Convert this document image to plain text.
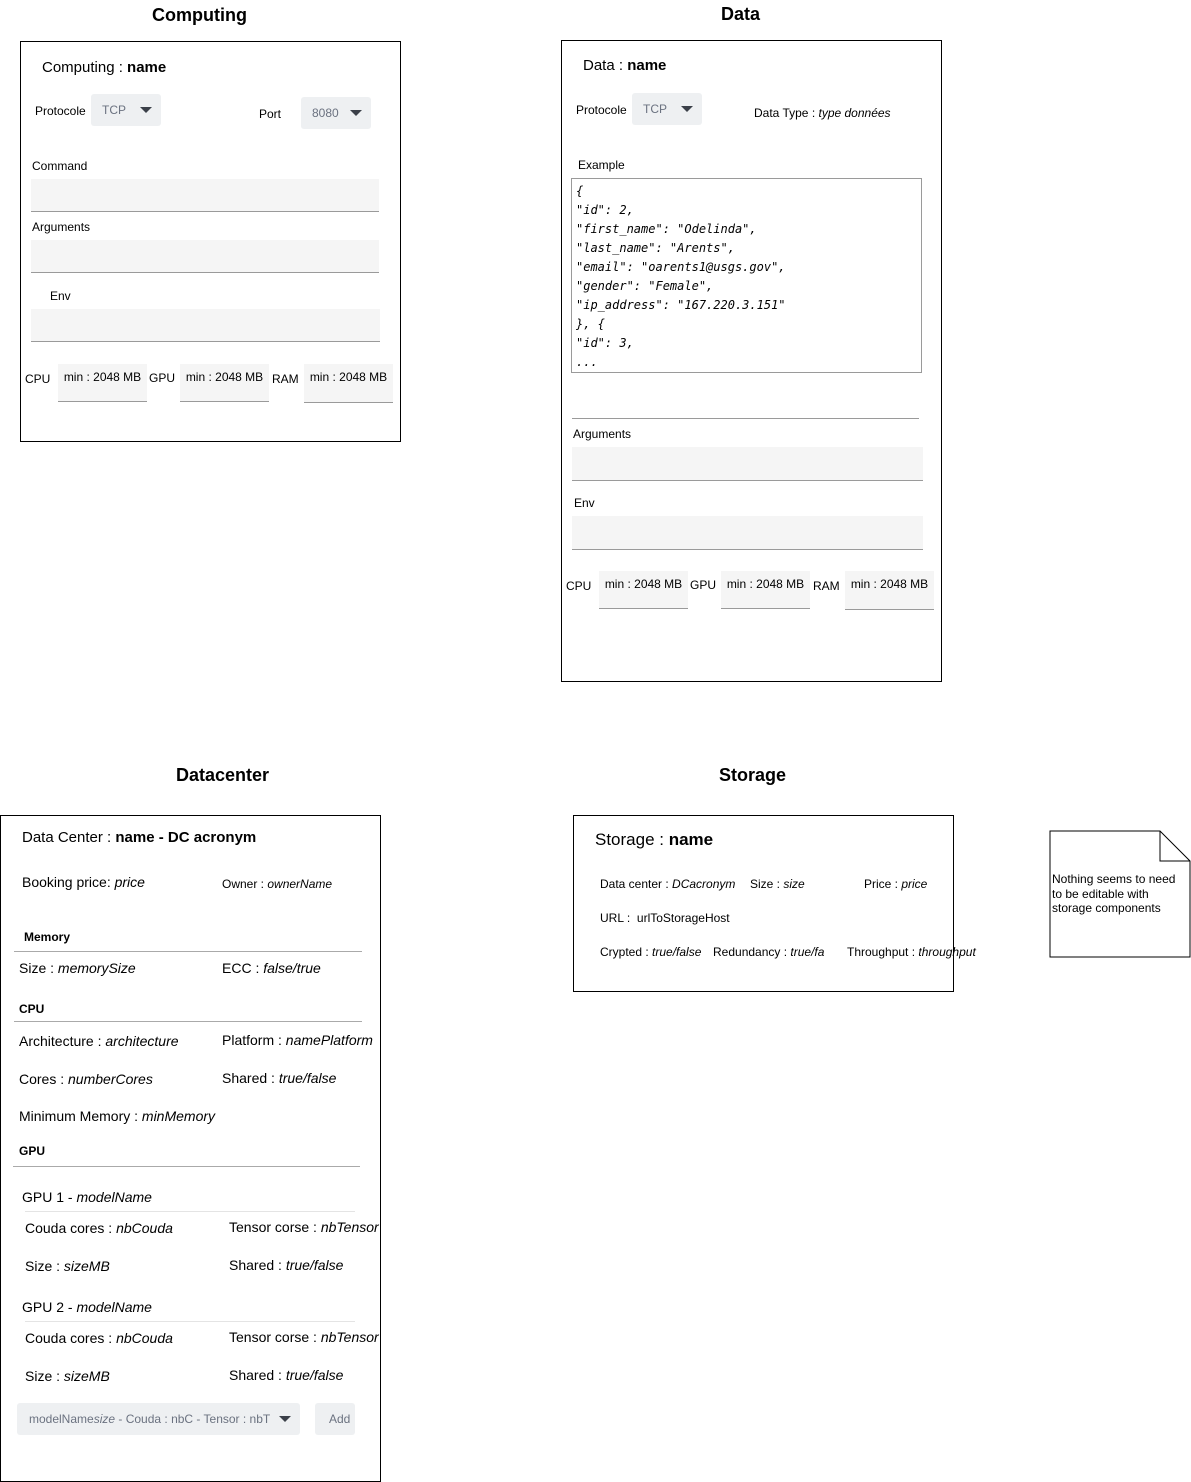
Computing
Computing : name
Protocole TCP	Port	8080
Command
Arguments
Env
CPU	min : 2048 MB GPU min : 2048 MB RAM min : 2048 MB
Data
Data : name
Protocole TCP	Data Type : type données
Example
{
"id": 2,
"first_name": "Odelinda",
"last_name": "Arents",
"email": "oarents1@usgs.gov",
"gender": "Female",
"ip_address": "167.220.3.151"
}, {
"id": 3,
...
Arguments
Env
CPU	min : 2048 MB GPU min : 2048 MB RAM min : 2048 MB
Datacenter
Data Center : name - DC acronym
Booking price: price	Owner : ownerName
Memory
Size : memorySize	ECC : false/true
CPU
Architecture : architecture	Platform : namePlatform
Cores : numberCores	Shared : true/false
Minimum Memory : minMemory
GPU
GPU 1 - modelName
Couda cores : nbCouda	Tensor corse : nbTensor
Size : sizeMB	Shared : true/false
GPU 2 - modelName
Couda cores : nbCouda	Tensor corse : nbTensor
Size : sizeMB	Shared : true/false
modelName size - Couda : nbC - Tensor : nbT	Add
Storage
Storage : name
Data center : DCacronym Size : size	Price : price
URL :  urlToStorageHost
Crypted : true/false Redundancy : true/fa Throughput : throughput
Nothing seems to need to be editable with storage components
